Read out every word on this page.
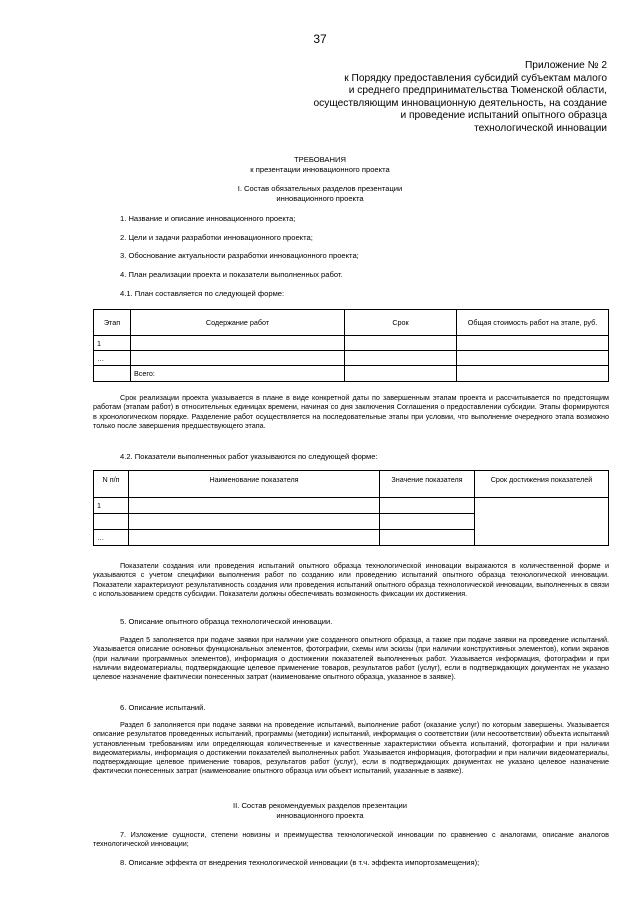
37
Приложение № 2
к Порядку предоставления субсидий субъектам малого
и среднего предпринимательства Тюменской области,
осуществляющим инновационную деятельность, на создание
и проведение испытаний опытного образца
технологической инновации
ТРЕБОВАНИЯ
к презентации инновационного проекта
I. Состав обязательных разделов презентации
инновационного проекта
1. Название и описание инновационного проекта;
2. Цели и задачи разработки инновационного проекта;
3. Обоснование актуальности разработки инновационного проекта;
4. План реализации проекта и показатели выполненных работ.
4.1. План составляется по следующей форме:
Этап	Содержание работ	Срок	Общая стоимость работ на этапе, руб.
1			
…			
	Всего:		
Срок реализации проекта указывается в плане в виде конкретной даты по завершенным этапам проекта и рассчитывается по предстоящим работам (этапам работ) в относительных единицах времени, начиная со дня заключения Соглашения о предоставлении субсидии. Этапы формируются в хронологическом порядке. Разделение работ осуществляется на последовательные этапы при условии, что выполнение очередного этапа возможно только после завершения предшествующего этапа.
4.2. Показатели выполненных работ указываются по следующей форме:
N п/п	Наименование показателя	Значение показателя	Срок достижения показателей
1			

…			
Показатели создания или проведения испытаний опытного образца технологической инновации выражаются в количественной форме и указываются с учетом специфики выполнения работ по созданию или проведению испытаний опытного образца технологической инновации. Показатели характеризуют результативность создания или проведения испытаний опытного образца технологической инновации, выполненных в связи с использованием средств субсидии. Показатели должны обеспечивать возможность фиксации их достижения.
5. Описание опытного образца технологической инновации.
Раздел 5 заполняется при подаче заявки при наличии уже созданного опытного образца, а также при подаче заявки на проведение испытаний. Указывается описание основных функциональных элементов, фотографии, схемы или эскизы (при наличии конструктивных элементов), копии экранов (при наличии программных элементов), информация о достижении показателей выполненных работ. Указывается информация, фотографии и при наличии видеоматериалы, подтверждающие целевое применение товаров, результатов работ (услуг), если в подтверждающих документах не указано целевое назначение фактически понесенных затрат (наименование опытного образца, указанное в заявке).
6. Описание испытаний.
Раздел 6 заполняется при подаче заявки на проведение испытаний, выполнение работ (оказание услуг) по которым завершены. Указывается описание результатов проведенных испытаний, программы (методики) испытаний, информация о соответствии (или несоответствии) объекта испытаний установленным требованиям или определяющая количественные и качественные характеристики объекта испытаний, фотографии и при наличии видеоматериалы, информация о достижении показателей выполненных работ. Указывается информация, фотографии и при наличии видеоматериалы, подтверждающие целевое применение товаров, результатов работ (услуг), если в подтверждающих документах не указано целевое назначение фактически понесенных затрат (наименование опытного образца или объект испытаний, указанные в заявке).
II. Состав рекомендуемых разделов презентации
инновационного проекта
7. Изложение сущности, степени новизны и преимущества технологической инновации по сравнению с аналогами, описание аналогов технологической инновации;
8. Описание эффекта от внедрения технологической инновации (в т.ч. эффекта импортозамещения);
